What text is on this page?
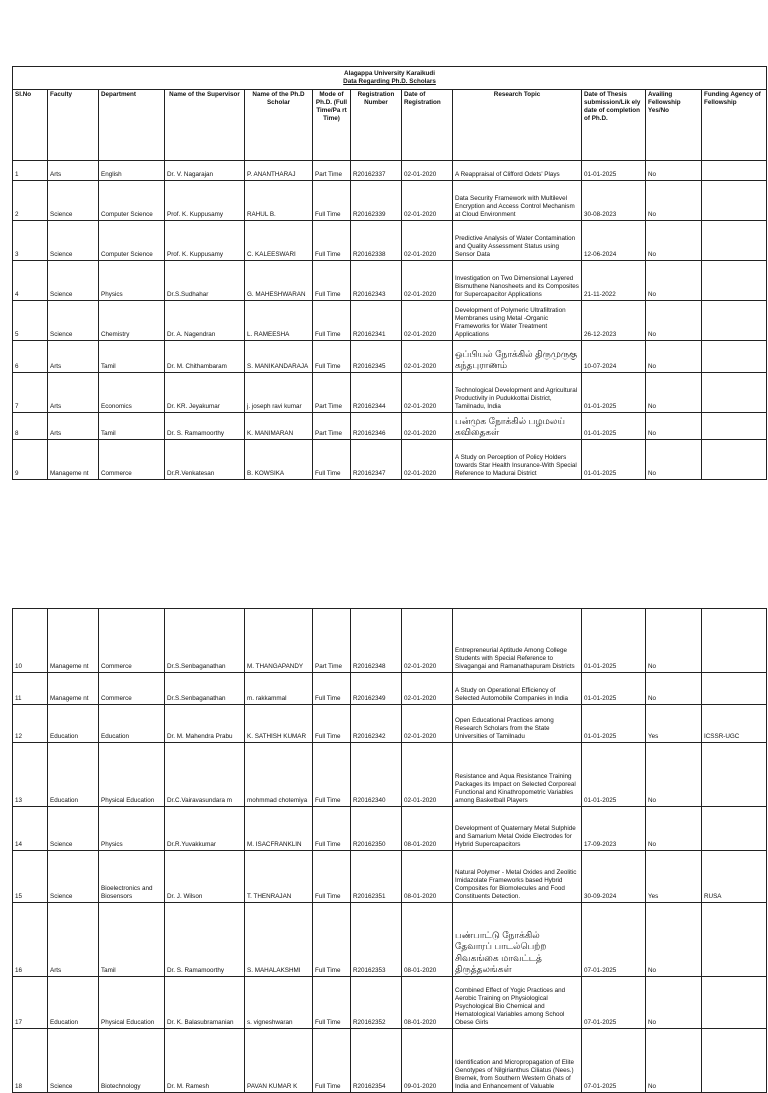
Alagappa University Karaikudi
Data Regarding Ph.D. Scholars											

Sl.No	Faculty	Department	Name of the Supervisor	Name of the Ph.D Scholar	Mode of Ph.D. (Full Time/Pa rt Time)	Registration Number	Date of Registration	Research Topic	Date of Thesis submission/Lik ely date of completion of Ph.D.	Availing Fellowship Yes/No	Funding Agency of Fellowship
1	Arts	English	Dr. V. Nagarajan	P. ANANTHARAJ	Part Time	R20162337	02-01-2020	A Reappraisal of Clifford Odets' Plays	01-01-2025	No	
2	Science	Computer Science	Prof. K. Kuppusamy	RAHUL B.	Full Time	R20162339	02-01-2020	Data Security Framework with Multilevel Encryption and Access Control Mechanism at Cloud Environment	30-08-2023	No	
3	Science	Computer Science	Prof. K. Kuppusamy	C. KALEESWARI	Full Time	R20162338	02-01-2020	Predictive Analysis of Water Contamination and Quality Assessment Status using Sensor Data	12-06-2024	No	
4	Science	Physics	Dr.S.Sudhahar	G. MAHESHWARAN	Full Time	R20162343	02-01-2020	Investigation on Two Dimensional Layered Bismuthene Nanosheets and its Composites for Supercapacitor Applications	21-11-2022	No	
5	Science	Chemistry	Dr. A. Nagendran	L. RAMEESHA	Full Time	R20162341	02-01-2020	Development of Polymeric Ultrafiltration Membranes using Metal -Organic Frameworks for Water Treatment Applications	26-12-2023	No	
6	Arts	Tamil	Dr. M. Chithambaram	S. MANIKANDARAJA	Full Time	R20162345	02-01-2020	ஒப்பியல் நோக்கில் திருமுருகு கந்தபுராணம்	10-07-2024	No	
7	Arts	Economics	Dr. KR. Jeyakumar	j. joseph ravi kumar	Part Time	R20162344	02-01-2020	Technological Development and Agricultural Productivity in Pudukkottai District, Tamilnadu, India	01-01-2025	No	
8	Arts	Tamil	Dr. S. Ramamoorthy	K. MANIMARAN	Part Time	R20162346	02-01-2020	பன்முக நோக்கில் பழமலய் கவிதைகள்	01-01-2025	No	
9	Manageme nt	Commerce	Dr.R.Venkatesan	B. KOWSIKA	Full Time	R20162347	02-01-2020	A Study on Perception of Policy Holders towards Star Health Insurance-With Special Reference to Madurai District	01-01-2025	No	
10	Manageme nt	Commerce	Dr.S.Senbaganathan	M. THANGAPANDY	Part Time	R20162348	02-01-2020	Entrepreneurial Aptitude Among College Students with Special Reference to Sivagangai and Ramanathapuram Districts	01-01-2025	No	
11	Manageme nt	Commerce	Dr.S.Senbaganathan	m. rakkammal	Full Time	R20162349	02-01-2020	A Study on Operational Efficiency of Selected Automobile Companies in India	01-01-2025	No	
12	Education	Education	Dr. M. Mahendra Prabu	K. SATHISH KUMAR	Full Time	R20162342	02-01-2020	Open Educational Practices among Research Scholars from the State Universities of Tamilnadu	01-01-2025	Yes	ICSSR-UGC
13	Education	Physical Education	Dr.C.Vairavasundara m	mohmmad chotemiya	Full Time	R20162340	02-01-2020	Resistance and Aqua Resistance Training Packages its Impact on Selected Corporeal Functional and Kinathropometric Variables among Basketball Players	01-01-2025	No	
14	Science	Physics	Dr.R.Yuvakkumar	M. ISACFRANKLIN	Full Time	R20162350	08-01-2020	Development of Quaternary Metal Sulphide and Samarium Metal Oxide Electrodes for Hybrid Supercapacitors	17-09-2023	No	
15	Science	Bioelectronics and Biosensors	Dr. J. Wilson	T. THENRAJAN	Full Time	R20162351	08-01-2020	Natural Polymer - Metal Oxides and Zeolitic Imidazolate Frameworks based Hybrid Composites for Biomolecules and Food Constituents Detection.	30-09-2024	Yes	RUSA
16	Arts	Tamil	Dr. S. Ramamoorthy	S. MAHALAKSHMI	Full Time	R20162353	08-01-2020	பண்பாட்டு நோக்கில் தேவாரப் பாடல்பெற்ற சிவகங்கை மாவட்டத் திருத்தலங்கள்	07-01-2025	No	
17	Education	Physical Education	Dr. K. Balasubramanian	s. vigneshwaran	Full Time	R20162352	08-01-2020	Combined Effect of Yogic Practices and Aerobic Training on Physiological Psychological Bio Chemical and Hematological Variables among School Obese Girls	07-01-2025	No	
18	Science	Biotechnology	Dr. M. Ramesh	PAVAN KUMAR K	Full Time	R20162354	09-01-2020	Identification and Micropropagation of Elite Genotypes of Nilgirianthus Ciliatus (Nees.) Bremek, from Southern Western Ghats of India and Enhancement of Valuable	07-01-2025	No	
